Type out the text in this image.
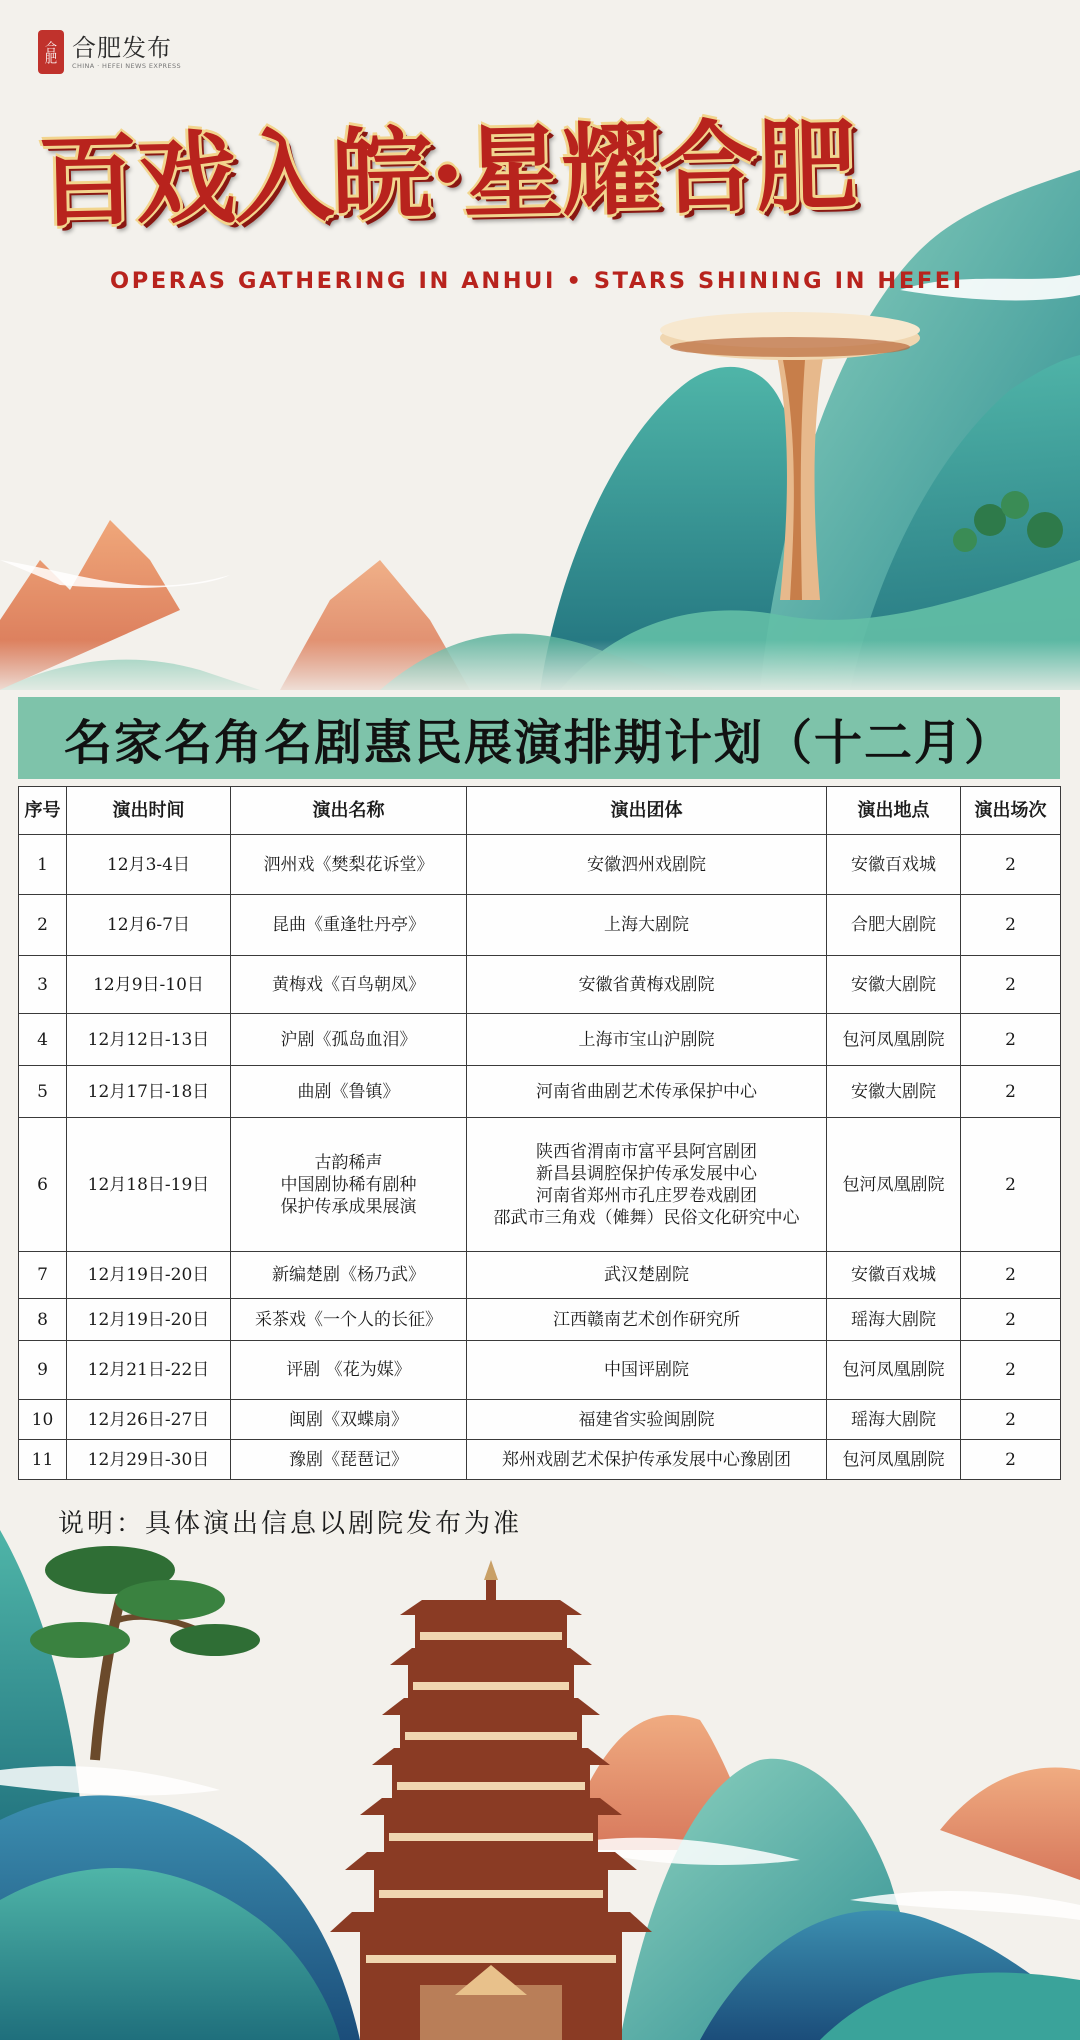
合肥 合肥发布
CHINA · HEFEI NEWS EXPRESS
百戏入皖·星耀合肥
OPERAS GATHERING IN ANHUI • STARS SHINING IN HEFEI
名家名角名剧惠民展演排期计划（十二月）
序号	演出时间	演出名称	演出团体	演出地点	演出场次
1	12月3-4日	泗州戏《樊梨花诉堂》	安徽泗州戏剧院	安徽百戏城	2
2	12月6-7日	昆曲《重逢牡丹亭》	上海大剧院	合肥大剧院	2
3	12月9日-10日	黄梅戏《百鸟朝凤》	安徽省黄梅戏剧院	安徽大剧院	2
4	12月12日-13日	沪剧《孤岛血泪》	上海市宝山沪剧院	包河凤凰剧院	2
5	12月17日-18日	曲剧《鲁镇》	河南省曲剧艺术传承保护中心	安徽大剧院	2
6	12月18日-19日	古韵稀声
中国剧协稀有剧种
保护传承成果展演	陕西省渭南市富平县阿宫剧团
新昌县调腔保护传承发展中心
河南省郑州市孔庄罗卷戏剧团
邵武市三角戏（傩舞）民俗文化研究中心	包河凤凰剧院	2
7	12月19日-20日	新编楚剧《杨乃武》	武汉楚剧院	安徽百戏城	2
8	12月19日-20日	采茶戏《一个人的长征》	江西赣南艺术创作研究所	瑶海大剧院	2
9	12月21日-22日	评剧 《花为媒》	中国评剧院	包河凤凰剧院	2
10	12月26日-27日	闽剧《双蝶扇》	福建省实验闽剧院	瑶海大剧院	2
11	12月29日-30日	豫剧《琵琶记》	郑州戏剧艺术保护传承发展中心豫剧团	包河凤凰剧院	2
说明：具体演出信息以剧院发布为准
